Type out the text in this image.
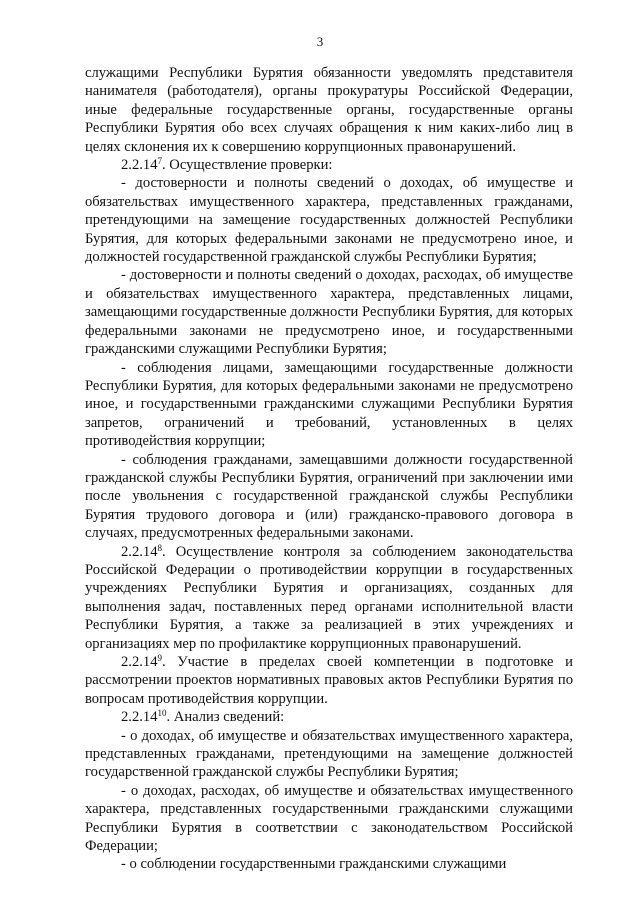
3

служащими Республики Бурятия обязанности уведомлять представителя нанимателя (работодателя), органы прокуратуры Российской Федерации, иные федеральные государственные органы, государственные органы Республики Бурятия обо всех случаях обращения к ним каких-либо лиц в целях склонения их к совершению коррупционных правонарушений.

2.2.14$^7$. Осуществление проверки:

- достоверности и полноты сведений о доходах, об имуществе и обязательствах имущественного характера, представленных гражданами, претендующими на замещение государственных должностей Республики Бурятия, для которых федеральными законами не предусмотрено иное, и должностей государственной гражданской службы Республики Бурятия;

- достоверности и полноты сведений о доходах, расходах, об имуществе и обязательствах имущественного характера, представленных лицами, замещающими государственные должности Республики Бурятия, для которых федеральными законами не предусмотрено иное, и государственными гражданскими служащими Республики Бурятия;

- соблюдения лицами, замещающими государственные должности Республики Бурятия, для которых федеральными законами не предусмотрено иное, и государственными гражданскими служащими Республики Бурятия запретов, ограничений и требований, установленных в целях противодействия коррупции;

- соблюдения гражданами, замещавшими должности государственной гражданской службы Республики Бурятия, ограничений при заключении ими после увольнения с государственной гражданской службы Республики Бурятия трудового договора и (или) гражданско-правового договора в случаях, предусмотренных федеральными законами.

2.2.14$^8$. Осуществление контроля за соблюдением законодательства Российской Федерации о противодействии коррупции в государственных учреждениях Республики Бурятия и организациях, созданных для выполнения задач, поставленных перед органами исполнительной власти Республики Бурятия, а также за реализацией в этих учреждениях и организациях мер по профилактике коррупционных правонарушений.

2.2.14$^9$. Участие в пределах своей компетенции в подготовке и рассмотрении проектов нормативных правовых актов Республики Бурятия по вопросам противодействия коррупции.

2.2.14$^{10}$. Анализ сведений:

- о доходах, об имуществе и обязательствах имущественного характера, представленных гражданами, претендующими на замещение должностей государственной гражданской службы Республики Бурятия;

- о доходах, расходах, об имуществе и обязательствах имущественного характера, представленных государственными гражданскими служащими Республики Бурятия в соответствии с законодательством Российской Федерации;

- о соблюдении государственными гражданскими служащими
